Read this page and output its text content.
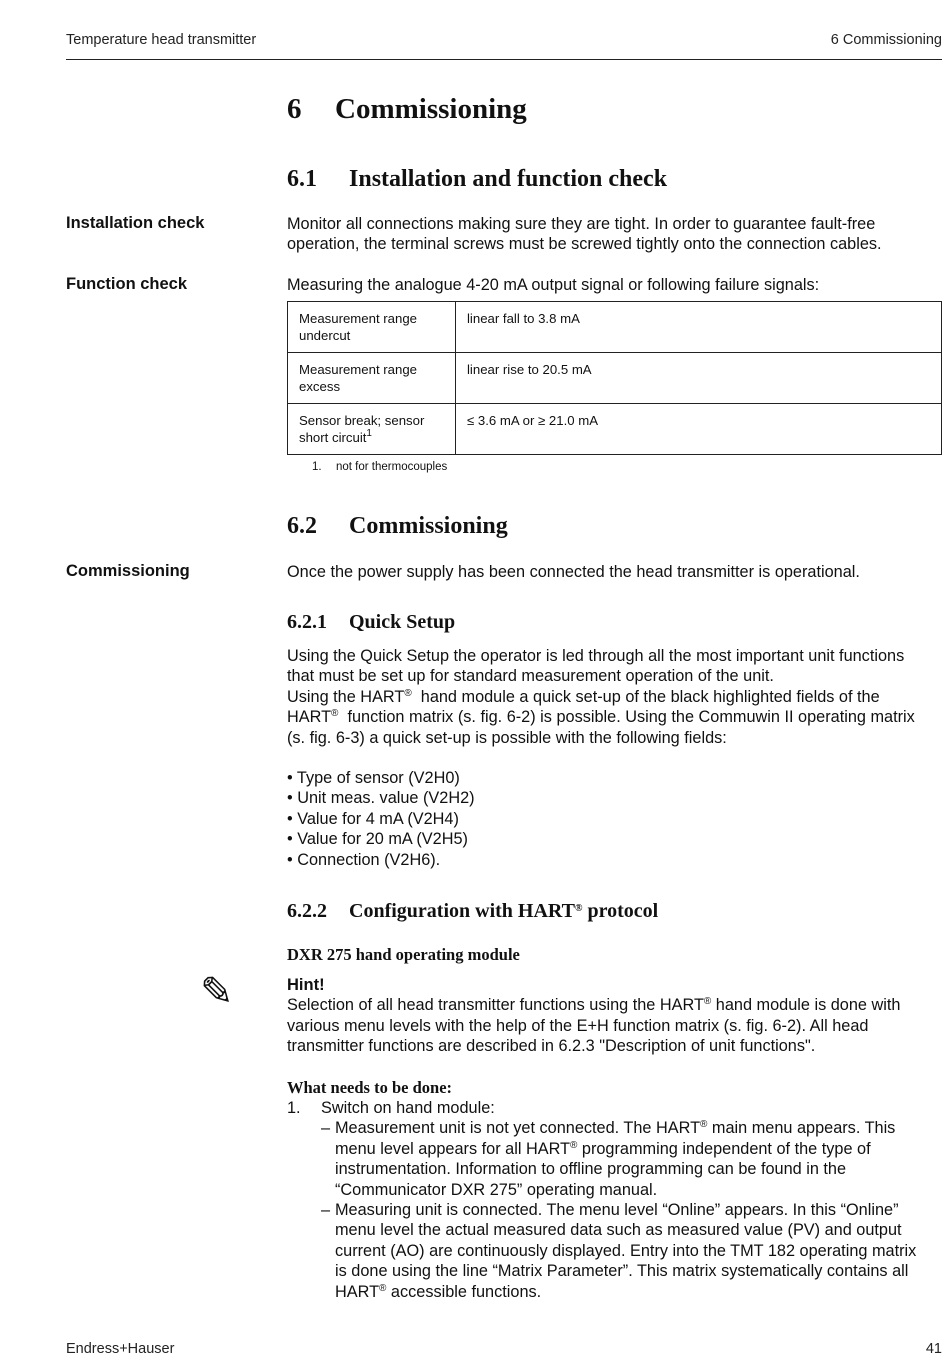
Temperature head transmitter	6 Commissioning
6 Commissioning
6.1 Installation and function check
Installation check	Monitor all connections making sure they are tight. In order to guarantee fault-free
operation, the terminal screws must be screwed tightly onto the connection cables.
Function check	Measuring the analogue 4-20 mA output signal or following failure signals:
Measurement range
undercut	linear fall to 3.8 mA
Measurement range
excess	linear rise to 20.5 mA
Sensor break; sensor
short circuit$^1$	≤ 3.6 mA or ≥ 21.0 mA
1. not for thermocouples
6.2 Commissioning
Commissioning	Once the power supply has been connected the head transmitter is operational.
6.2.1 Quick Setup
Using the Quick Setup the operator is led through all the most important unit functions
that must be set up for standard measurement operation of the unit.
Using the HART®  hand module a quick set-up of the black highlighted fields of the
HART®  function matrix (s. fig. 6-2) is possible. Using the Commuwin II operating matrix
(s. fig. 6-3) a quick set-up is possible with the following fields:
• Type of sensor (V2H0)
• Unit meas. value (V2H2)
• Value for 4 mA (V2H4)
• Value for 20 mA (V2H5)
• Connection (V2H6).
6.2.2 Configuration with HART® protocol
DXR 275 hand operating module
✎	Hint!
Selection of all head transmitter functions using the HART® hand module is done with
various menu levels with the help of the E+H function matrix (s. fig. 6-2). All head
transmitter functions are described in 6.2.3 "Description of unit functions".
What needs to be done:
1. Switch on hand module:
– Measurement unit is not yet connected. The HART® main menu appears. This
menu level appears for all HART® programming independent of the type of
instrumentation. Information to offline programming can be found in the
“Communicator DXR 275” operating manual.
– Measuring unit is connected. The menu level “Online” appears. In this “Online”
menu level the actual measured data such as measured value (PV) and output
current (AO) are continuously displayed. Entry into the TMT 182 operating matrix
is done using the line “Matrix Parameter”. This matrix systematically contains all
HART® accessible functions.
Endress+Hauser	41
